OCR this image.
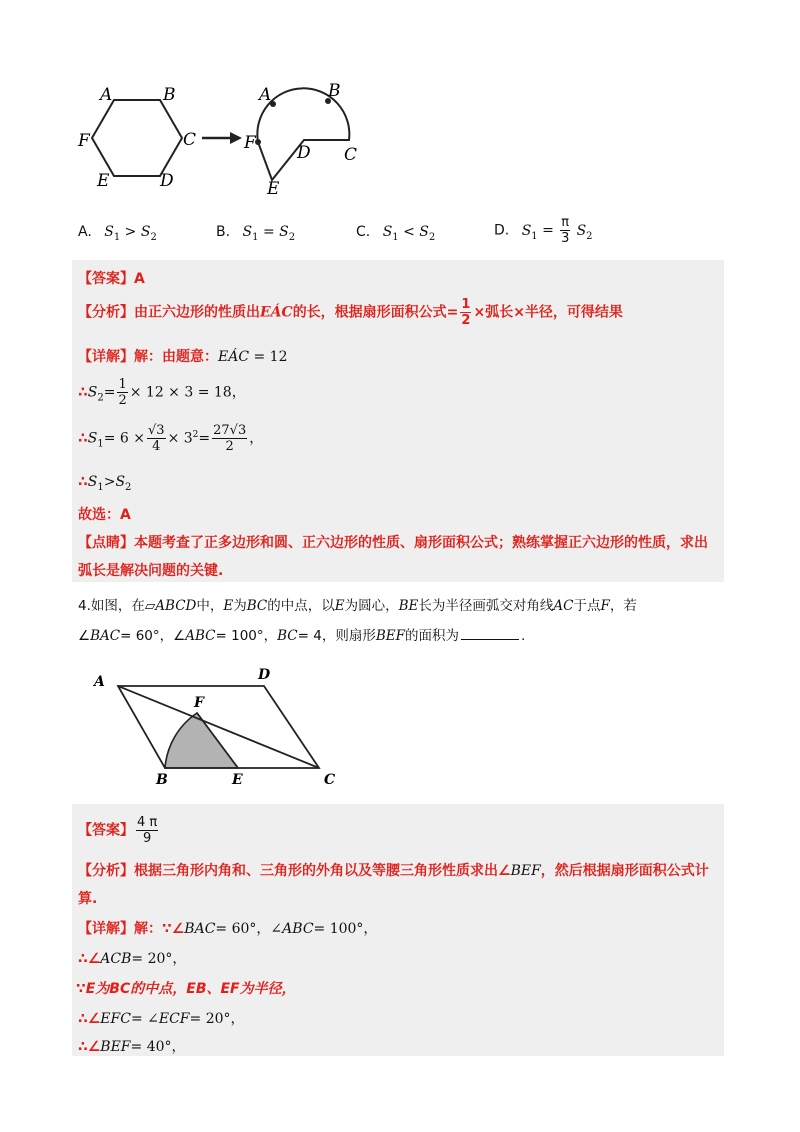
A	B
C
D
E
F
A	B
C
D
E
F
A. $S_1 > S_2$	B. $S_1 = S_2$	C. $S_1 < S_2$	D. $S_1 = \frac{\pi}{3} S_2$
【答案】A
【分析】由正六边形的性质出EÁC的长，根据扇形面积公式= $\frac{1}{2}$ ×弧长×半径，可得结果
【详解】解：由题意：EÁC = 12
$\therefore S_2= \frac{1}{2} \times 12 \times 3 = 18$，
$\therefore S_1= 6 \times \frac{√3}{4} \times 3^2= \frac{27√3}{2}$ ，
$\therefore S_1>S_2$
故选：A
【点睛】本题考查了正多边形和圆、正六边形的性质、扇形面积公式；熟练掌握正六边形的性质，求出
弧长是解决问题的关键.
4.如图，在▱ABCD中，E为BC的中点，以E为圆心，BE长为半径画弧交对角线AC于点F，若
∠BAC= 60°，∠ABC= 100°，BC= 4，则扇形BEF的面积为	.
A	D
F
B	E	C
【答案】 $\frac{4 \pi}{9}$
【分析】根据三角形内角和、三角形的外角以及等腰三角形性质求出∠BEF，然后根据扇形面积公式计
算.
【详解】解：∵∠BAC= 60°，∠ABC= 100°，
∴∠ACB= 20°，
∵E为BC的中点，EB、EF为半径，
∴∠EFC= ∠ECF= 20°，
∴∠BEF= 40°，
